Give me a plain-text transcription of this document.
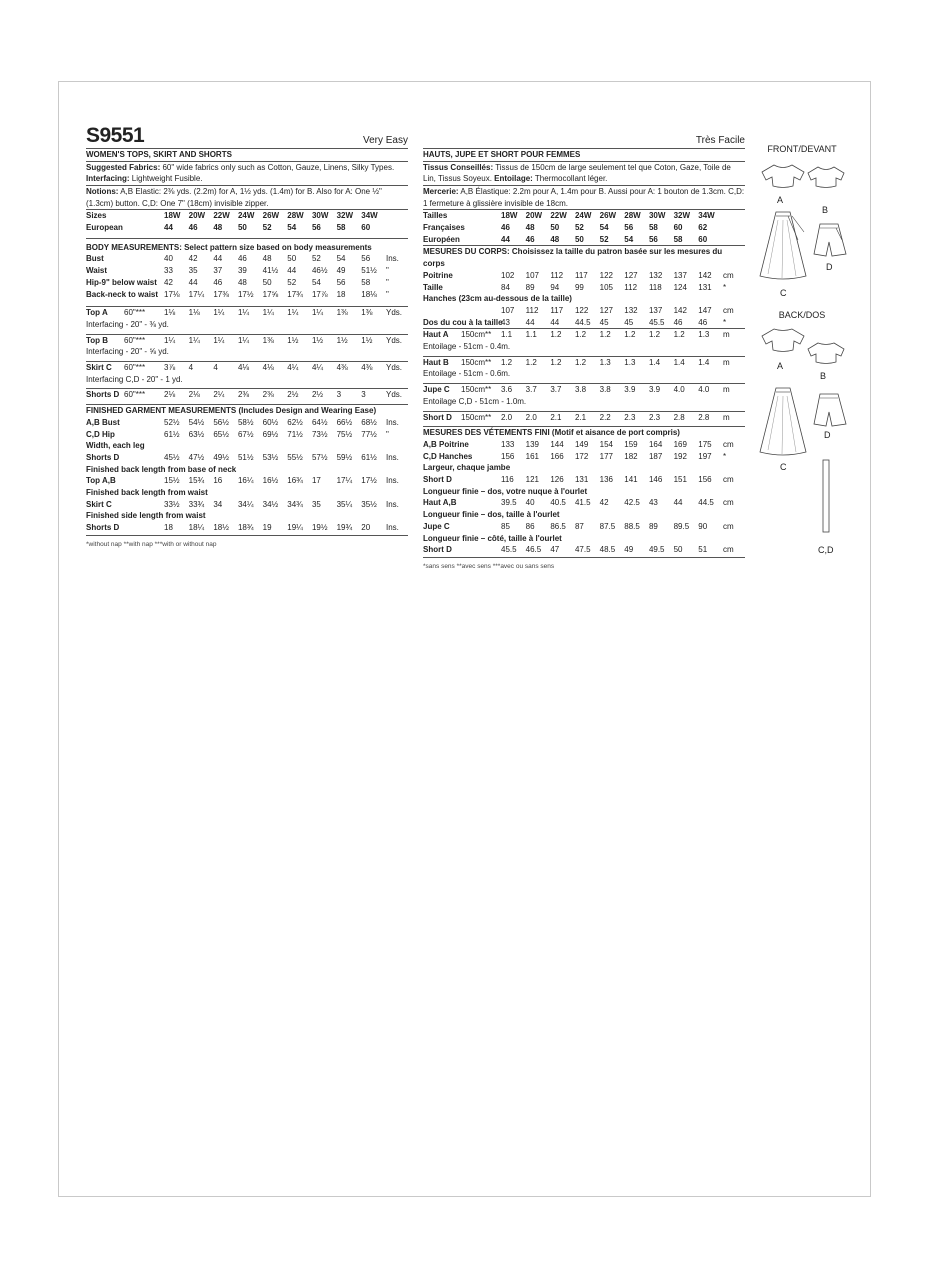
S9551	Very Easy
WOMEN'S TOPS, SKIRT AND SHORTS

Suggested Fabrics: 60" wide fabrics only such as Cotton, Gauze, Linens, Silky Types.
Interfacing: Lightweight Fusible.

Notions: A,B Elastic: 2⅜ yds. (2.2m) for A, 1½ yds. (1.4m) for B. Also for A: One ½" (1.3cm) button. C,D: One 7" (18cm) invisible zipper.

Sizes	18W	20W	22W	24W	26W	28W	30W	32W	34W	
European	44	46	48	50	52	54	56	58	60	
BODY MEASUREMENTS: Select pattern size based on body measurements
Bust	40	42	44	46	48	50	52	54	56	Ins.
Waist	33	35	37	39	41½	44	46½	49	51½	"
Hip-9" below waist	42	44	46	48	50	52	54	56	58	"
Back-neck to waist	17⅛	17¼	17⅜	17½	17⅝	17¾	17⅞	18	18⅛	"
Top A	60"***	1⅛	1⅛	1¼	1¼	1¼	1¼	1¼	1⅜	1⅜	Yds.
Interfacing - 20" - ⅜ yd.
Top B	60"***	1¼	1¼	1¼	1¼	1⅜	1½	1½	1½	1½	Yds.
Interfacing - 20" - ⅝ yd.
Skirt C	60"***	3⅞	4	4	4⅛	4⅛	4¼	4¼	4⅜	4⅜	Yds.
Interfacing C,D - 20" - 1 yd.
Shorts D	60"***	2⅛	2⅛	2¼	2⅜	2⅜	2½	2½	3	3	Yds.
FINISHED GARMENT MEASUREMENTS (Includes Design and Wearing Ease)
A,B Bust	52½	54½	56½	58½	60½	62½	64½	66½	68½	Ins.
C,D Hip	61½	63½	65½	67½	69½	71½	73½	75½	77½	"
Width, each leg
Shorts D	45½	47½	49½	51½	53½	55½	57½	59½	61½	Ins.
Finished back length from base of neck
Top A,B	15½	15¾	16	16¼	16½	16¾	17	17¼	17½	Ins.
Finished back length from waist
Skirt C	33½	33¾	34	34¼	34½	34¾	35	35¼	35½	Ins.
Finished side length from waist
Shorts D	18	18¼	18½	18¾	19	19¼	19½	19¾	20	Ins.
*without nap **with nap ***with or without nap
Très Facile
HAUTS, JUPE ET SHORT POUR FEMMES

Tissus Conseillés: Tissus de 150cm de large seulement tel que Coton, Gaze, Toile de Lin, Tissus Soyeux. Entoilage: Thermocollant léger.

Mercerie: A,B Élastique: 2.2m pour A, 1.4m pour B. Aussi pour A: 1 bouton de 1.3cm. C,D: 1 fermeture à glissière invisible de 18cm.

Tailles	18W	20W	22W	24W	26W	28W	30W	32W	34W	
Françaises	46	48	50	52	54	56	58	60	62	
Européen	44	46	48	50	52	54	56	58	60	
MESURES DU CORPS: Choisissez la taille du patron basée sur les mesures du corps
Poitrine	102	107	112	117	122	127	132	137	142	cm
Taille	84	89	94	99	105	112	118	124	131	*
Hanches (23cm au-dessous de la taille)
	107	112	117	122	127	132	137	142	147	cm
Dos du cou à la taille	43	44	44	44.5	45	45	45.5	46	46	*
Haut A	150cm**	1.1	1.1	1.2	1.2	1.2	1.2	1.2	1.2	1.3	m
Entoilage - 51cm - 0.4m.
Haut B	150cm**	1.2	1.2	1.2	1.2	1.3	1.3	1.4	1.4	1.4	m
Entoilage - 51cm - 0.6m.
Jupe C	150cm**	3.6	3.7	3.7	3.8	3.8	3.9	3.9	4.0	4.0	m
Entoilage C,D - 51cm - 1.0m.
Short D	150cm**	2.0	2.0	2.1	2.1	2.2	2.3	2.3	2.8	2.8	m
MESURES DES VÉTEMENTS FINI (Motif et aisance de port compris)
A,B Poitrine	133	139	144	149	154	159	164	169	175	cm
C,D Hanches	156	161	166	172	177	182	187	192	197	*
Largeur, chaque jambe
Short D	116	121	126	131	136	141	146	151	156	cm
Longueur finie – dos, votre nuque à l'ourlet
Haut A,B	39.5	40	40.5	41.5	42	42.5	43	44	44.5	cm
Longueur finie – dos, taille à l'ourlet
Jupe C	85	86	86.5	87	87.5	88.5	89	89.5	90	cm
Longueur finie – côté, taille à l'ourlet
Short D	45.5	46.5	47	47.5	48.5	49	49.5	50	51	cm
*sans sens **avec sens ***avec ou sans sens
FRONT/DEVANT
A
B
D
C
BACK/DOS
A
B
D
C
C,D
